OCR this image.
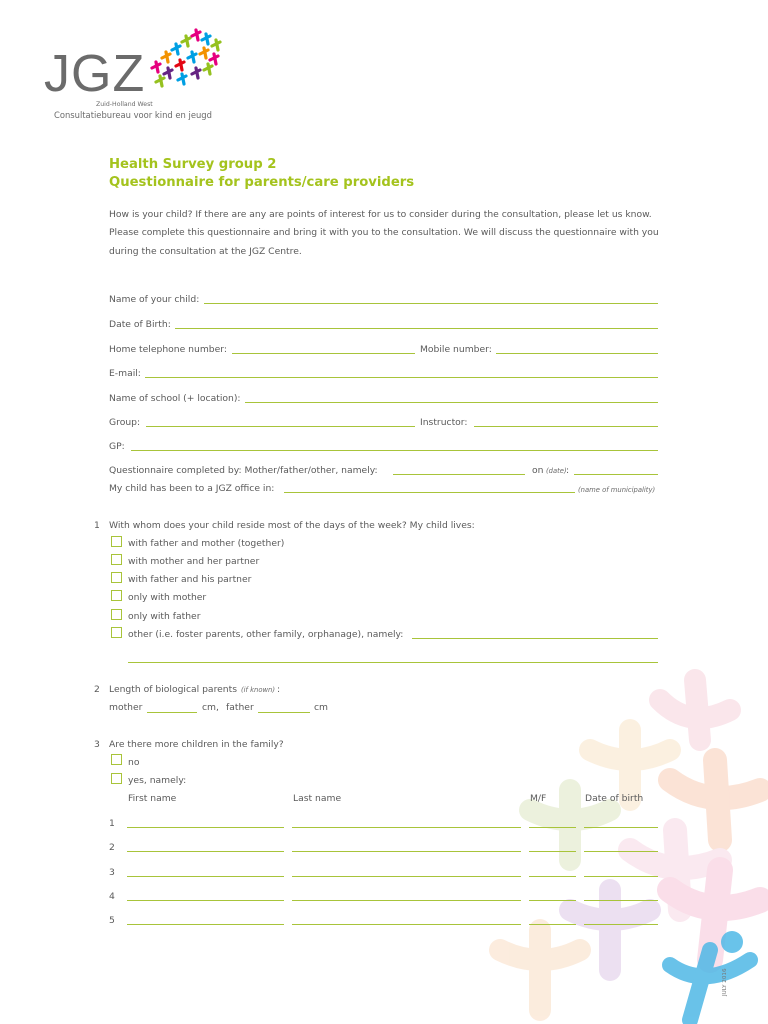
JGZ
Zuid-Holland West
Consultatiebureau voor kind en jeugd
Health Survey group 2
Questionnaire for parents/care providers
How is your child? If there are any are points of interest for us to consider during the consultation, please let us know. Please complete this questionnaire and bring it with you to the consultation. We will discuss the questionnaire with you during the consultation at the JGZ Centre.
Name of your child:
Date of Birth:
Home telephone number:	Mobile number:
E-mail:
Name of school (+ location):
Group:	Instructor:
GP:
Questionnaire completed by: Mother/father/other, namely:	on (date) :
My child has been to a JGZ office in:	(name of municipality)
1 With whom does your child reside most of the days of the week? My child lives:
with father and mother (together)
with mother and her partner
with father and his partner
only with mother
only with father
other (i.e. foster parents, other family, orphanage), namely:
2 Length of biological parents (if known) :
mother	cm, father	cm
3 Are there more children in the family?
no
yes, namely:
First name	Last name	M/F	Date of birth
1
2
3
4
5
JULY 2016
